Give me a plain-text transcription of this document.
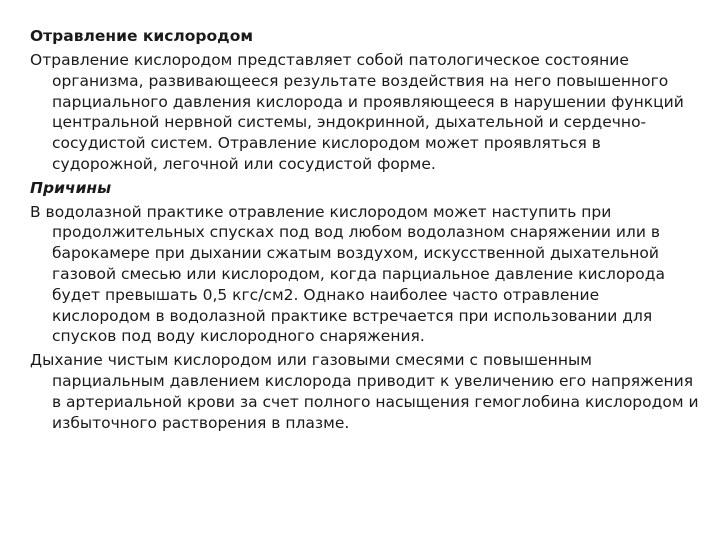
Отравление кислородом

Отравление кислородом представляет собой патологическое состояние организма, развивающееся результате воздействия на него повышенного парциального давления кислорода и проявляющееся в нарушении функций центральной нервной системы, эндокринной, дыхательной и сердечно-сосудистой систем. Отравление кислородом может проявляться в судорожной, легочной или сосудистой форме.

Причины

В водолазной практике отравление кислородом может наступить при продолжительных спусках под вод любом водолазном снаряжении или в барокамере при дыхании сжатым воздухом, искусственной дыхательной газовой смесью или кислородом, когда парциальное давление кислорода будет превышать 0,5 кгс/см2. Однако наиболее часто отравление кислородом в водолазной практике встречается при использовании для спусков под воду кислородного снаряжения.

Дыхание чистым кислородом или газовыми смесями с повышенным парциальным давлением кислорода приводит к увеличению его напряжения в артериальной крови за счет полного насыщения гемоглобина кислородом и избыточного растворения в плазме.
